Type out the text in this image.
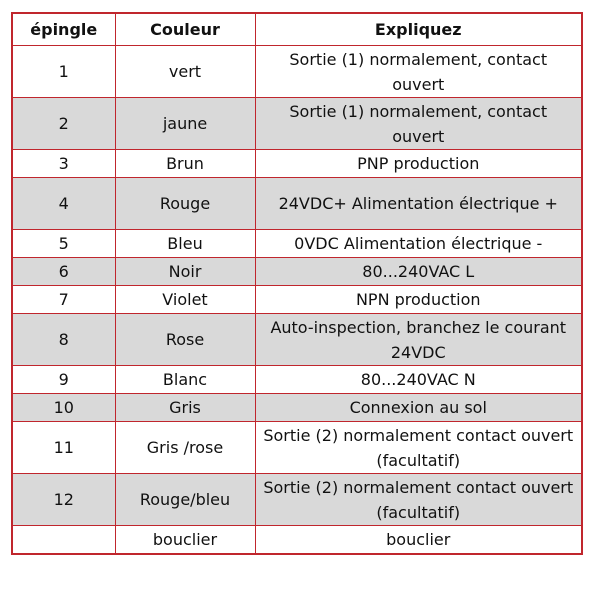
épingle	Couleur	Expliquez
1	vert	Sortie (1) normalement, contact ouvert
2	jaune	Sortie (1) normalement, contact ouvert
3	Brun	PNP production
4	Rouge	24VDC+ Alimentation électrique +
5	Bleu	0VDC Alimentation électrique -
6	Noir	80...240VAC L
7	Violet	NPN production
8	Rose	Auto-inspection, branchez le courant 24VDC
9	Blanc	80...240VAC N
10	Gris	Connexion au sol
11	Gris /rose	Sortie (2) normalement contact ouvert (facultatif)
12	Rouge/bleu	Sortie (2) normalement contact ouvert (facultatif)
	bouclier	bouclier
